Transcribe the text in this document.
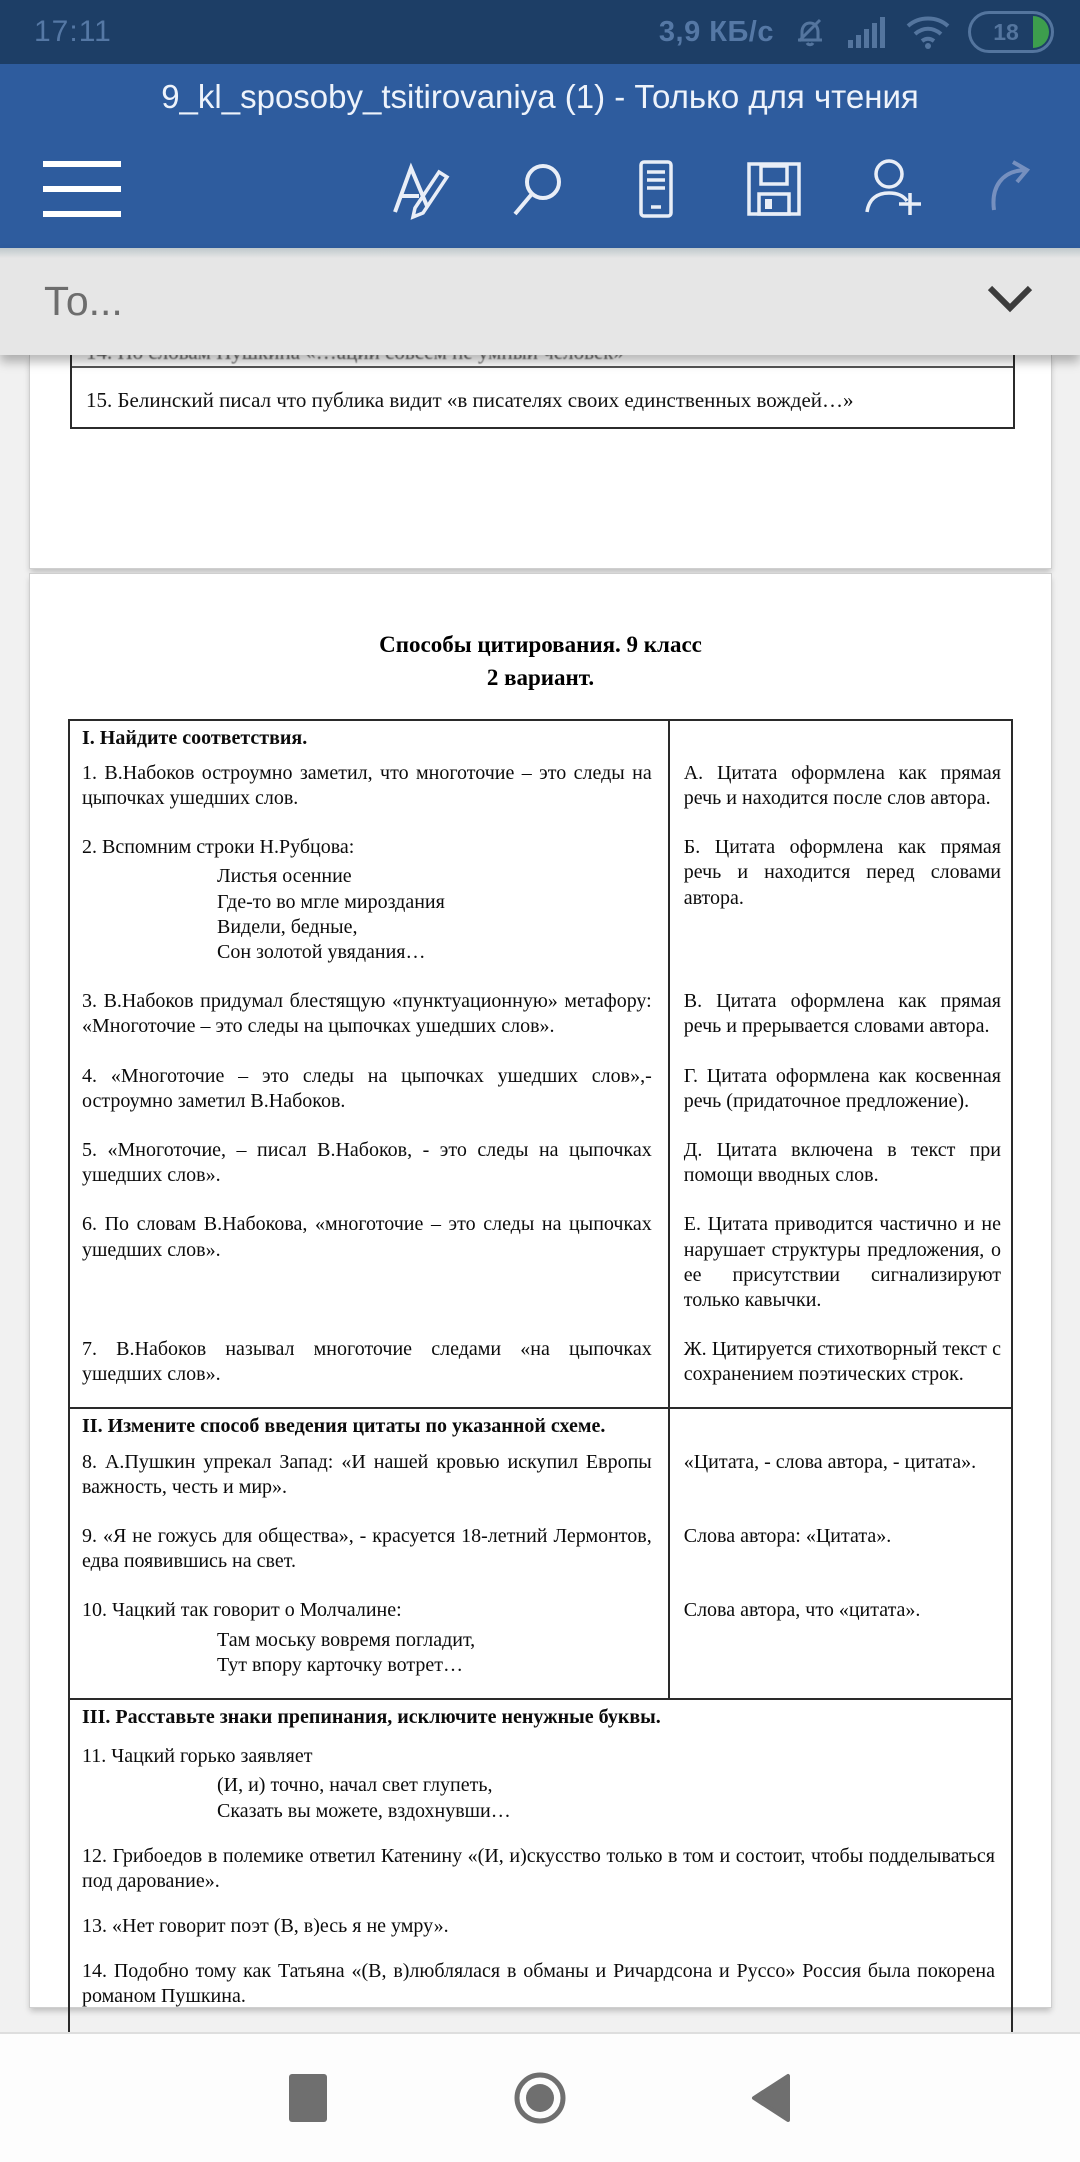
17:11	3,9 КБ/с	18
9_kl_sposoby_tsitirovaniya (1) - Только для чтения
То...
15. Белинский писал что публика видит «в писателях своих единственных вождей…»
Способы цитирования. 9 класс
2 вариант.
I. Найдите соответствия.	

1. В.Набоков остроумно заметил, что многоточие – это следы на цыпочках ушедших слов.	А. Цитата оформлена как прямая речь и находится после слов автора.

2. Вспомним строки Н.Рубцова:
Листья осенние
Где-то во мгле мироздания
Видели, бедные,
Сон золотой увядания…	Б. Цитата оформлена как прямая речь и находится перед словами автора.

3. В.Набоков придумал блестящую «пунктуационную» метафору: «Многоточие – это следы на цыпочках ушедших слов».	В. Цитата оформлена как прямая речь и прерывается словами автора.

4. «Многоточие – это следы на цыпочках ушедших слов»,- остроумно заметил В.Набоков.	Г. Цитата оформлена как косвенная речь (придаточное предложение).

5. «Многоточие, – писал В.Набоков, - это следы на цыпочках ушедших слов».	Д. Цитата включена в текст при помощи вводных слов.

6. По словам В.Набокова, «многоточие – это следы на цыпочках ушедших слов».	Е. Цитата приводится частично и не нарушает структуры предложения, о ее присутствии сигнализируют только кавычки.

7. В.Набоков называл многоточие следами «на цыпочках ушедших слов».	Ж. Цитируется стихотворный текст с сохранением поэтических строк.
II. Измените способ введения цитаты по указанной схеме.	

8. А.Пушкин упрекал Запад: «И нашей кровью искупил Европы важность, честь и мир».	«Цитата, - слова автора, - цитата».

9. «Я не гожусь для общества», - красуется 18-летний Лермонтов, едва появившись на свет.	Слова автора: «Цитата».

10. Чацкий так говорит о Молчалине:
Там моську вовремя погладит,
Тут впору карточку вотрет…	Слова автора, что «цитата».

III. Расставьте знаки препинания, исключите ненужные буквы.
11. Чацкий горько заявляет
(И, и) точно, начал свет глупеть,
Сказать вы можете, вздохнувши…
12. Грибоедов в полемике ответил Катенину «(И, и)скусство только в том и состоит, чтобы подделываться под дарование».
13. «Нет говорит поэт (В, в)есь я не умру».
14. Подобно тому как Татьяна «(В, в)люблялася в обманы и Ричардсона и Руссо» Россия была покорена романом Пушкина.
